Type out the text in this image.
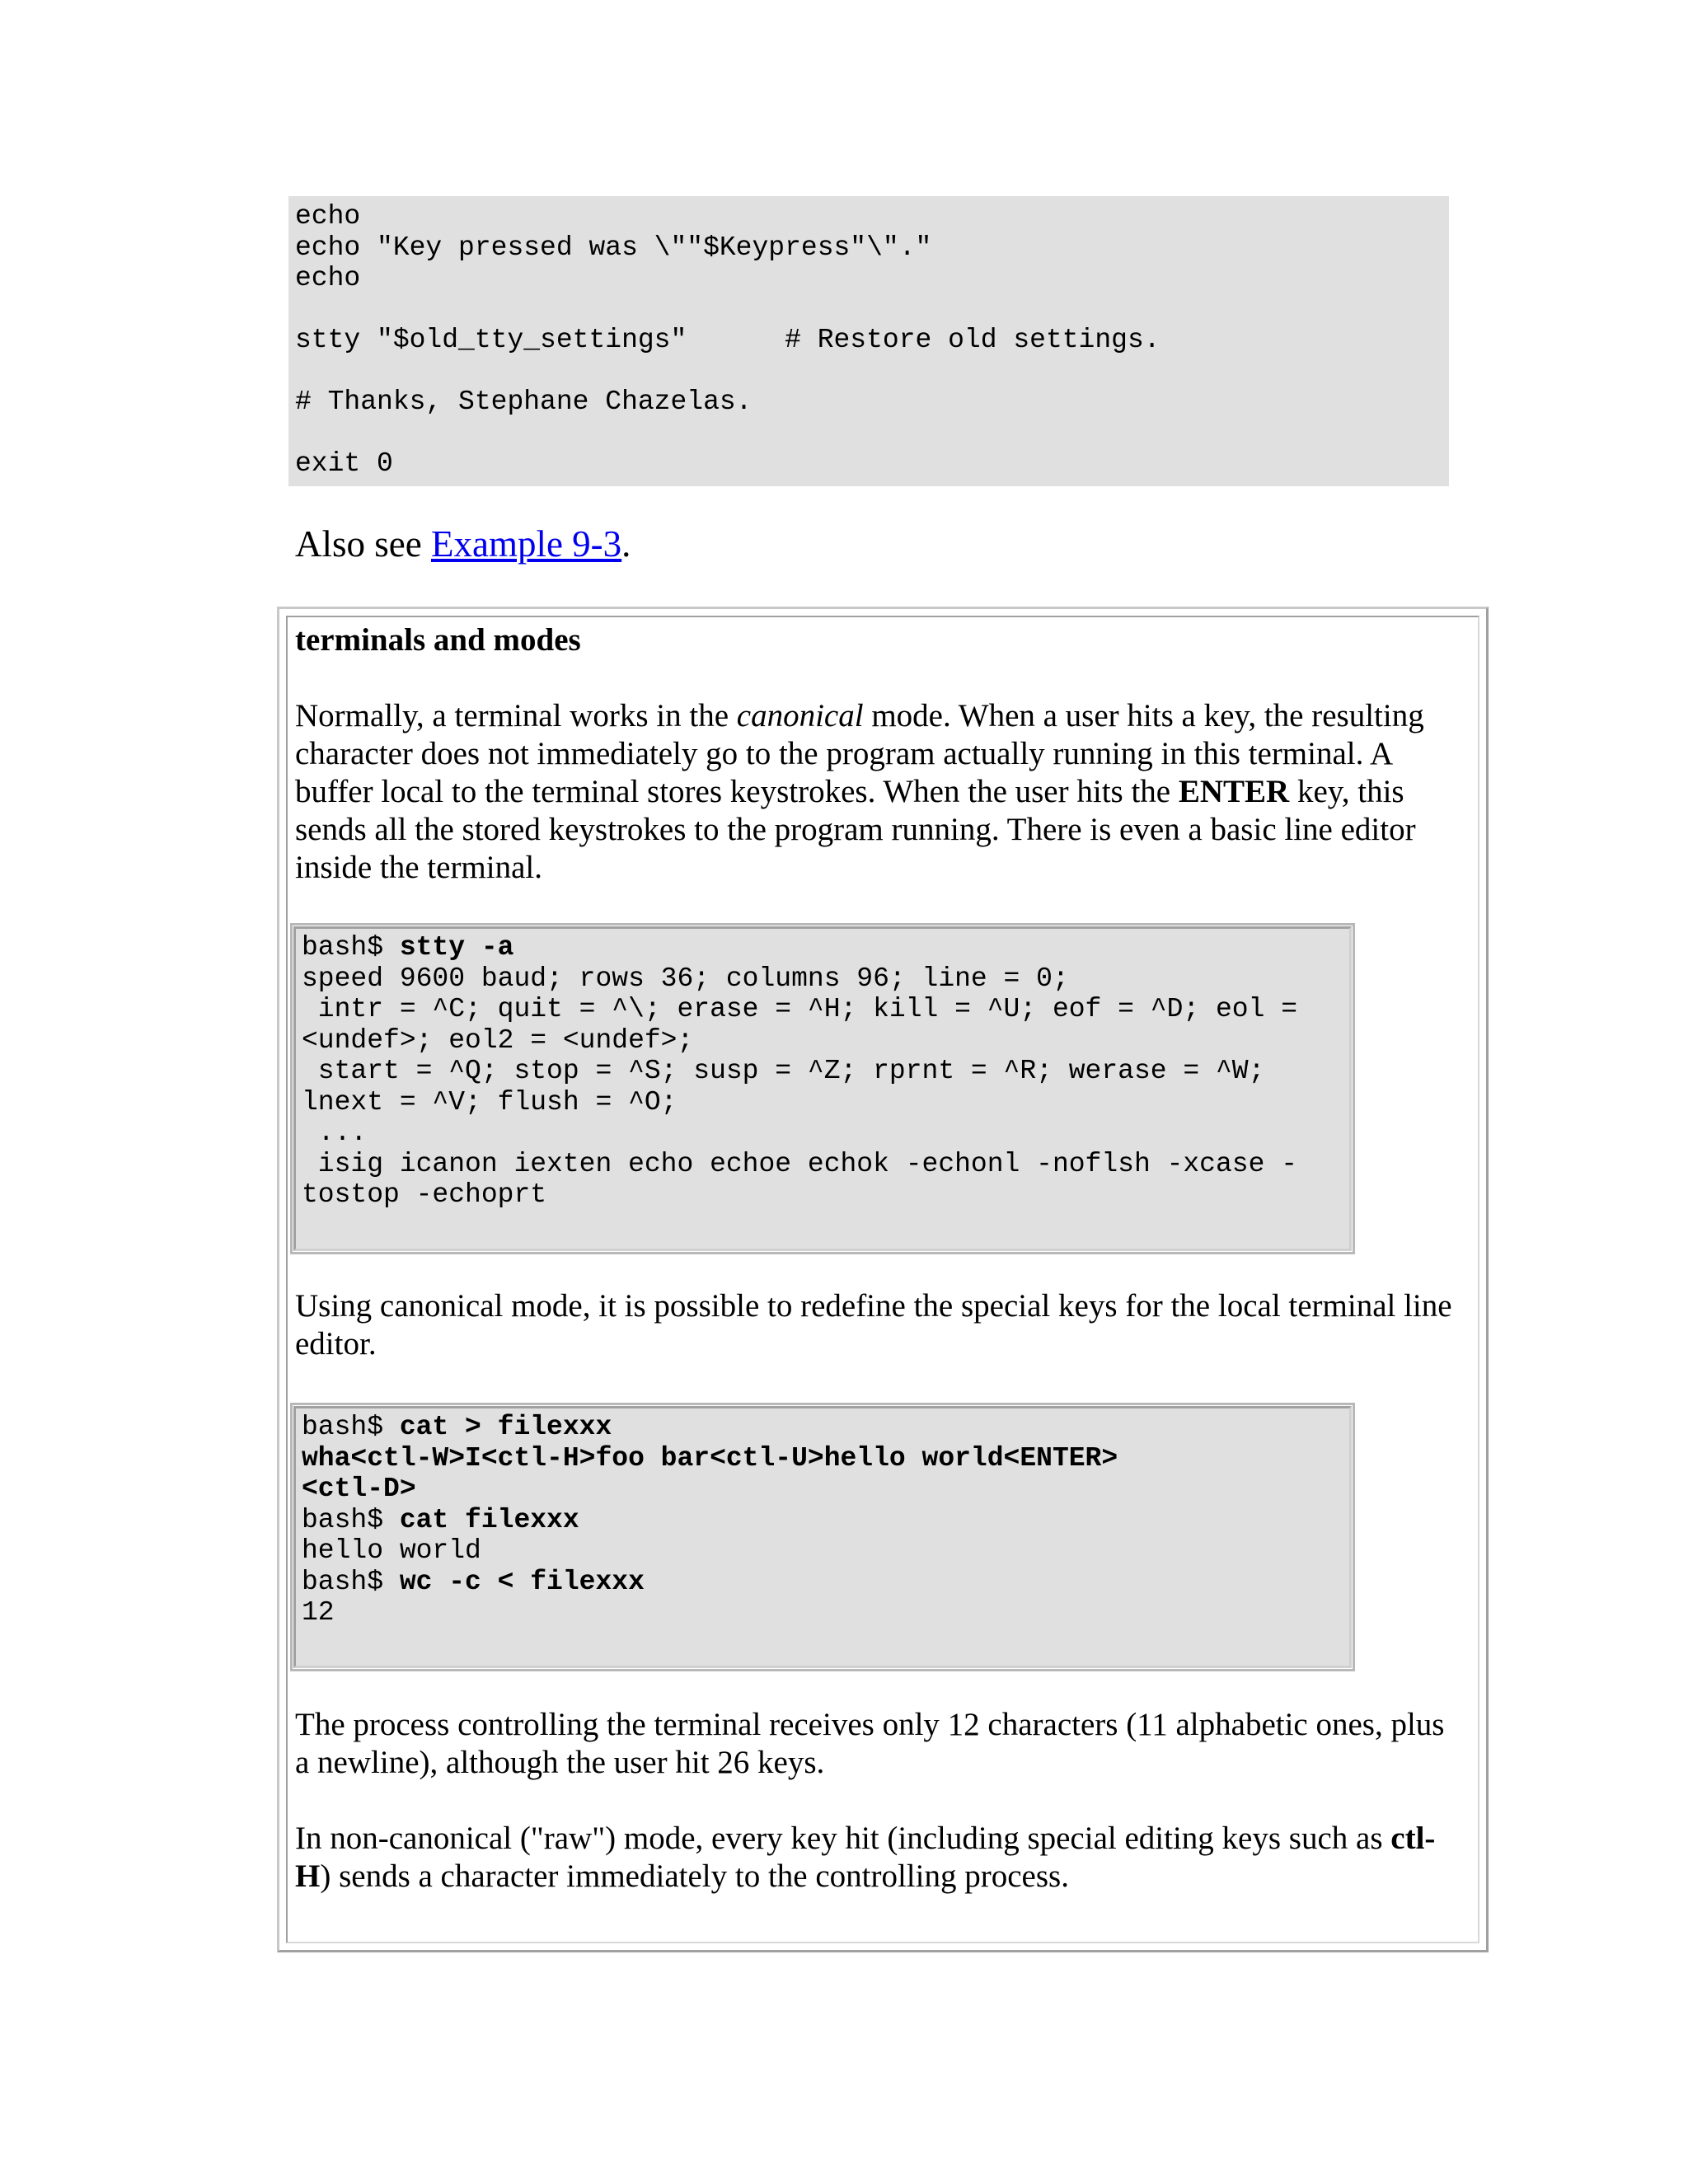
echo
echo "Key pressed was \""$Keypress"\"."
echo
stty "$old_tty_settings"      # Restore old settings.
# Thanks, Stephane Chazelas.
exit 0
Also see Example 9-3.
terminals and modes
Normally, a terminal works in the canonical mode. When a user hits a key, the resulting
character does not immediately go to the program actually running in this terminal. A
buffer local to the terminal stores keystrokes. When the user hits the ENTER key, this
sends all the stored keystrokes to the program running. There is even a basic line editor
inside the terminal.
bash$ stty -a
speed 9600 baud; rows 36; columns 96; line = 0;
intr = ^C; quit = ^\; erase = ^H; kill = ^U; eof = ^D; eol =
<undef>; eol2 = <undef>;
start = ^Q; stop = ^S; susp = ^Z; rprnt = ^R; werase = ^W;
lnext = ^V; flush = ^O;
...
isig icanon iexten echo echoe echok -echonl -noflsh -xcase -
tostop -echoprt
Using canonical mode, it is possible to redefine the special keys for the local terminal line
editor.
bash$ cat > filexxx
wha<ctl-W>I<ctl-H>foo bar<ctl-U>hello world<ENTER>
<ctl-D>
bash$ cat filexxx
hello world
bash$ wc -c < filexxx
12
The process controlling the terminal receives only 12 characters (11 alphabetic ones, plus
a newline), although the user hit 26 keys.
In non-canonical ("raw") mode, every key hit (including special editing keys such as ctl-
H) sends a character immediately to the controlling process.
